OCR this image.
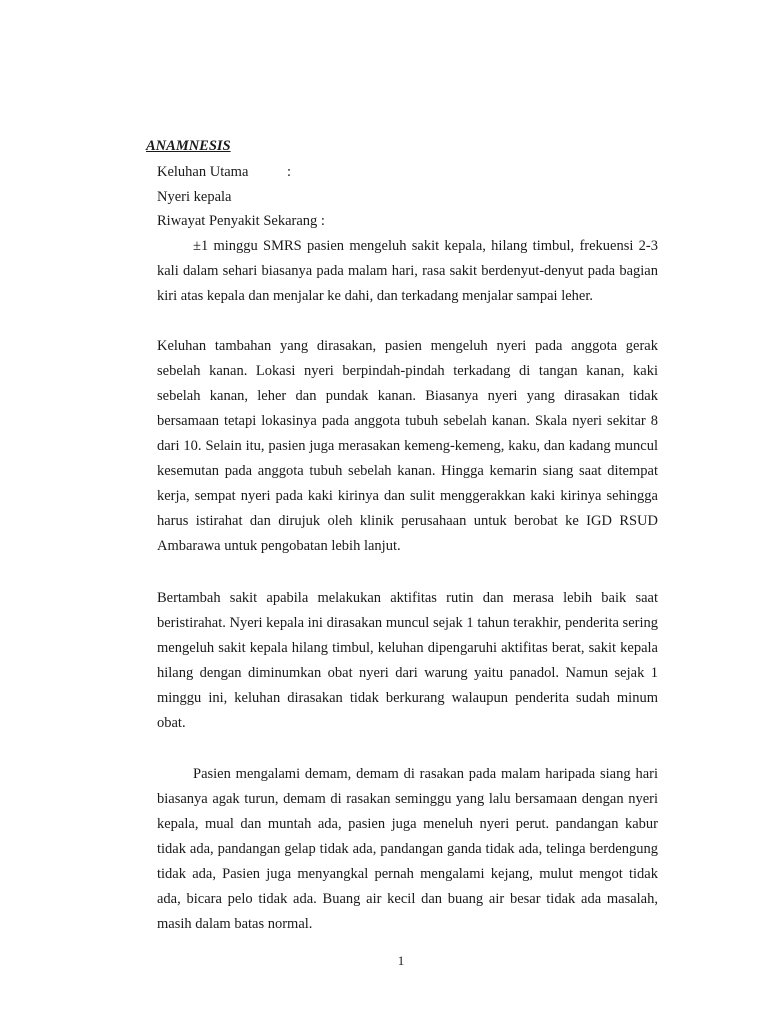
ANAMNESIS

Keluhan Utama	:

Nyeri kepala

Riwayat Penyakit Sekarang :

±1 minggu SMRS pasien mengeluh sakit kepala, hilang timbul, frekuensi 2-3 kali dalam sehari biasanya pada malam hari, rasa sakit berdenyut-denyut pada bagian kiri atas kepala dan menjalar ke dahi, dan terkadang menjalar sampai leher.

Keluhan tambahan yang dirasakan, pasien mengeluh nyeri pada anggota gerak sebelah kanan. Lokasi nyeri berpindah-pindah terkadang di tangan kanan, kaki sebelah kanan, leher dan pundak kanan. Biasanya nyeri yang dirasakan tidak bersamaan tetapi lokasinya pada anggota tubuh sebelah kanan. Skala nyeri sekitar 8 dari 10. Selain itu, pasien juga merasakan kemeng-kemeng, kaku, dan kadang muncul kesemutan pada anggota tubuh sebelah kanan. Hingga kemarin siang saat ditempat kerja, sempat nyeri pada kaki kirinya dan sulit menggerakkan kaki kirinya sehingga harus istirahat dan dirujuk oleh klinik perusahaan untuk berobat ke IGD RSUD Ambarawa untuk pengobatan lebih lanjut.

Bertambah sakit apabila melakukan aktifitas rutin dan merasa lebih baik saat beristirahat. Nyeri kepala ini dirasakan muncul sejak 1 tahun terakhir, penderita sering mengeluh sakit kepala hilang timbul, keluhan dipengaruhi aktifitas berat, sakit kepala hilang dengan diminumkan obat nyeri dari warung yaitu panadol. Namun sejak 1 minggu ini, keluhan dirasakan tidak berkurang walaupun penderita sudah minum obat.

Pasien mengalami demam, demam di rasakan pada malam haripada siang hari biasanya agak turun, demam di rasakan seminggu yang lalu bersamaan dengan nyeri kepala, mual dan muntah ada, pasien juga meneluh nyeri perut. pandangan kabur tidak ada, pandangan gelap tidak ada, pandangan ganda tidak ada, telinga berdengung tidak ada, Pasien juga menyangkal pernah mengalami kejang, mulut mengot tidak ada, bicara pelo tidak ada. Buang air kecil dan buang air besar tidak ada masalah, masih dalam batas normal.

1
